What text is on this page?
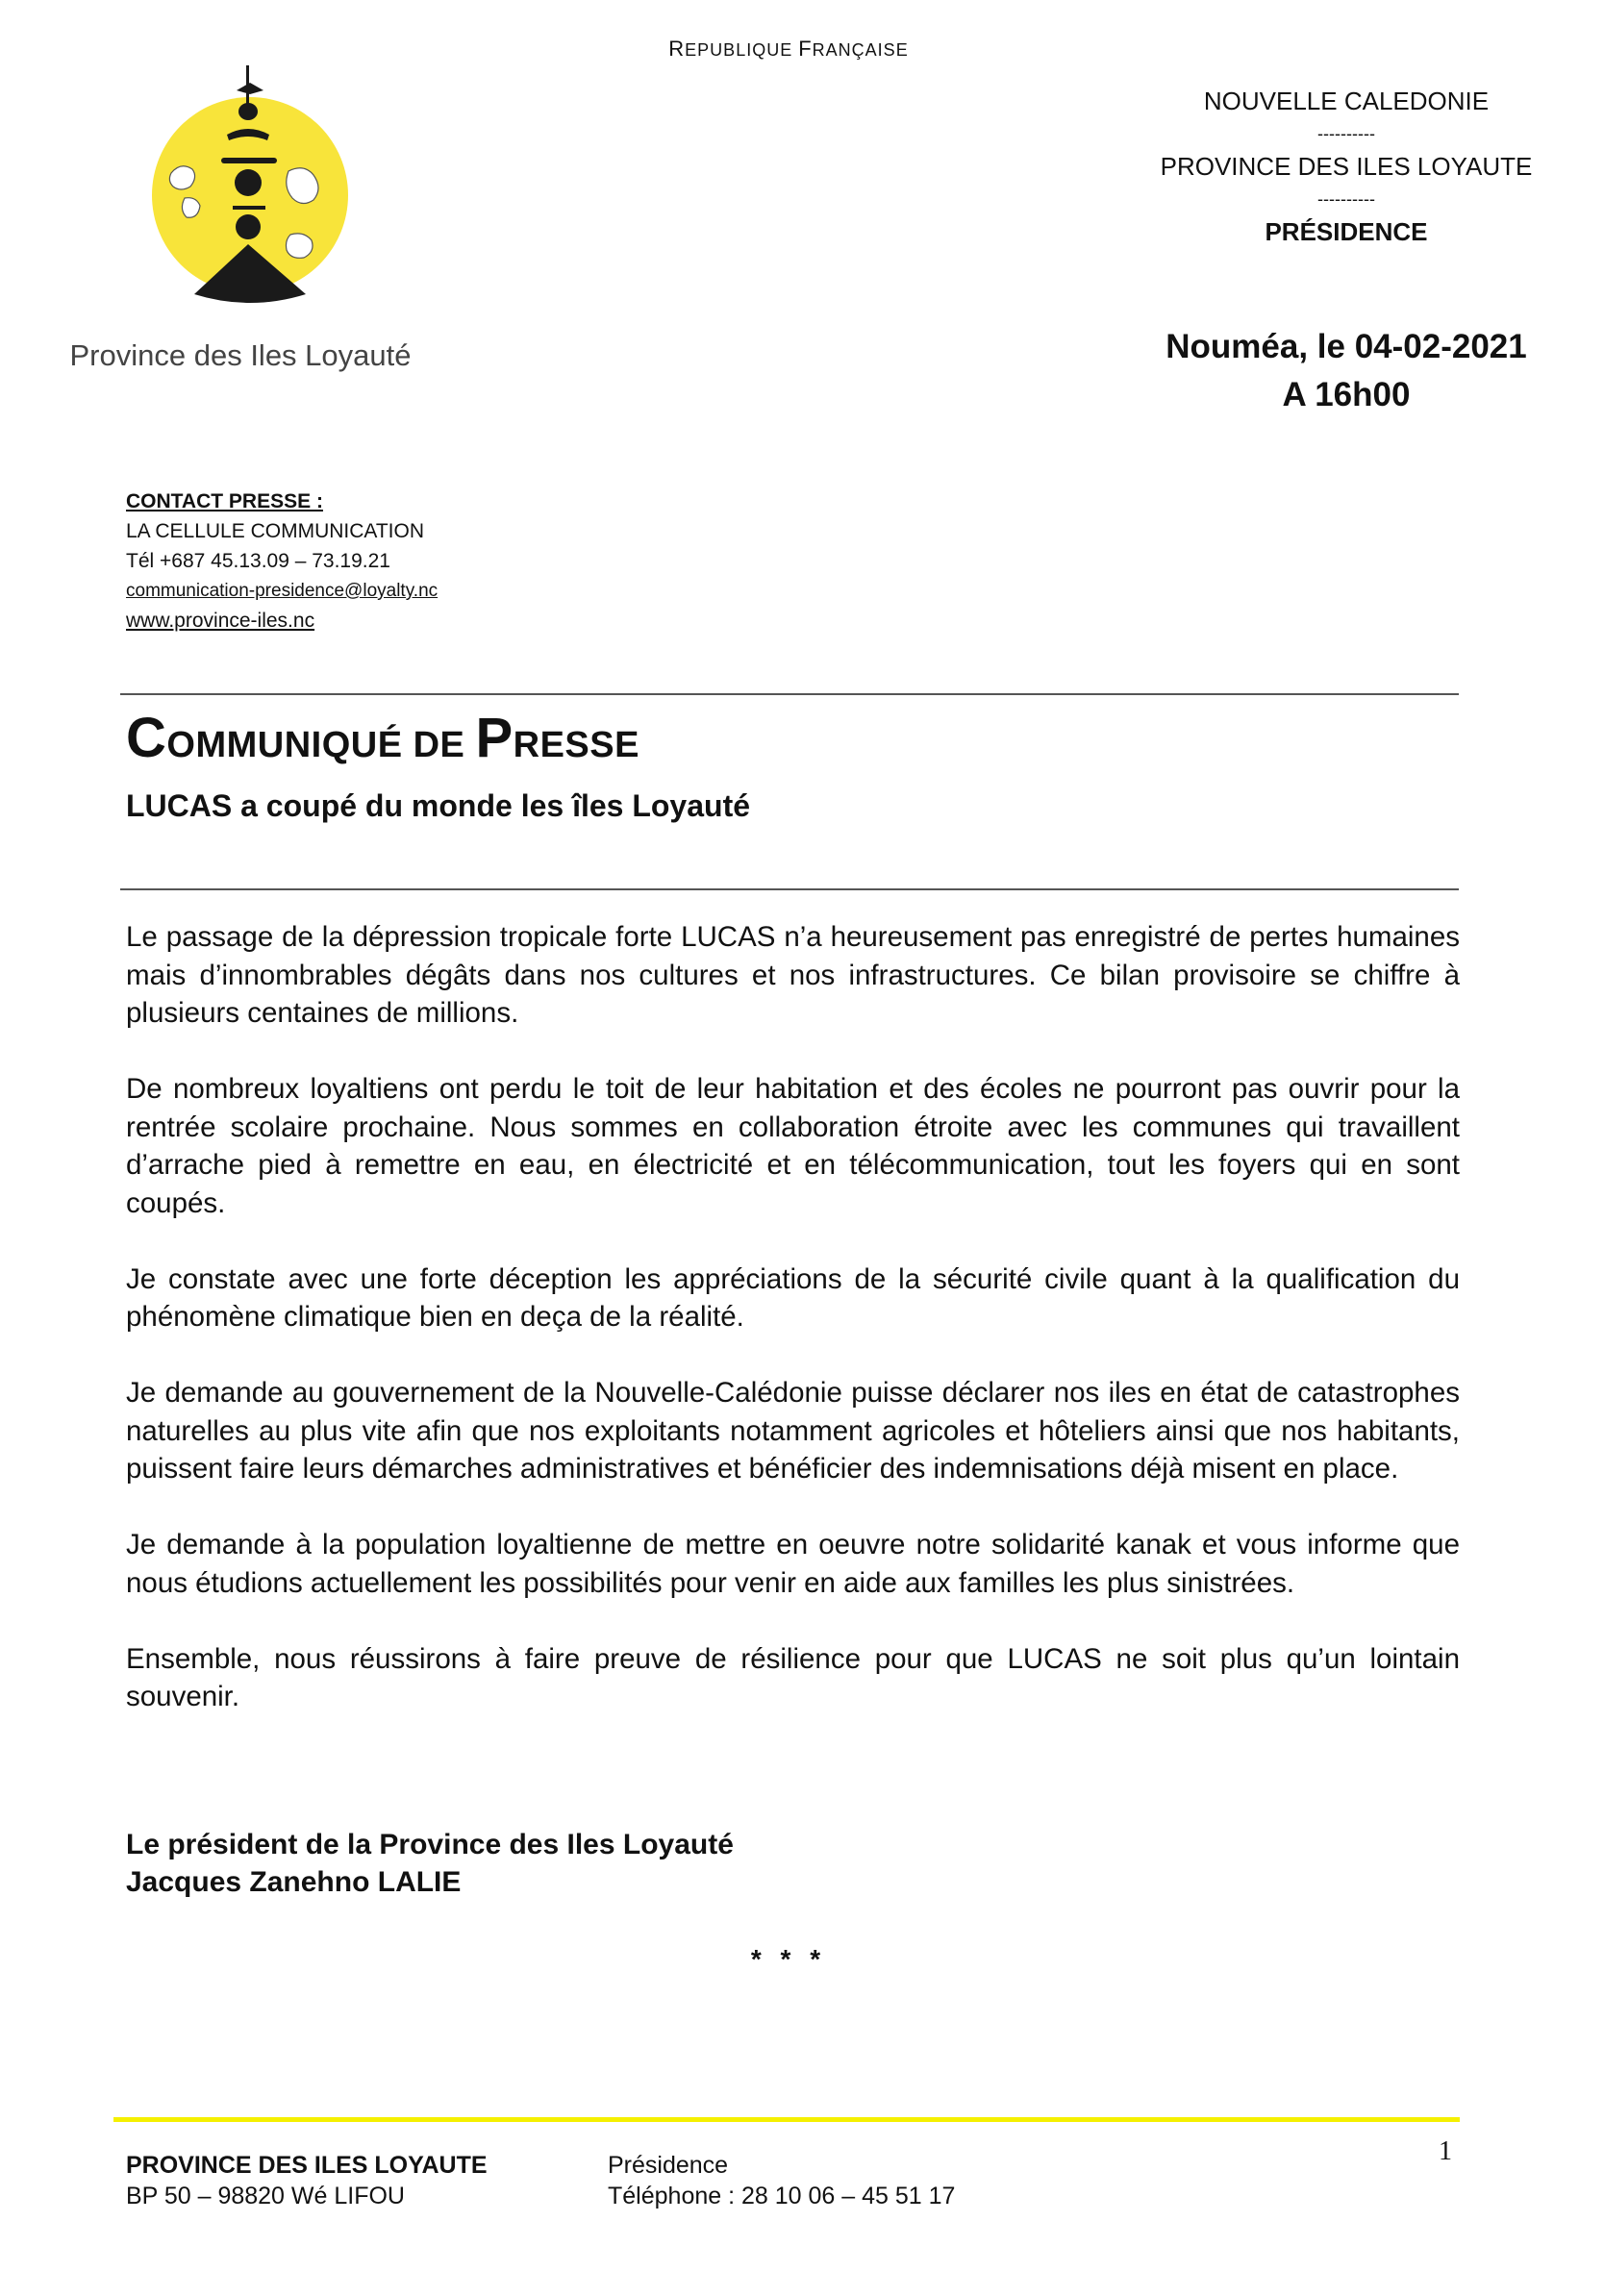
REPUBLIQUE FRANÇAISE
NOUVELLE CALEDONIE
----------
PROVINCE DES ILES LOYAUTE
----------
PRÉSIDENCE
Nouméa, le 04-02-2021
A 16h00
Province des Iles Loyauté
CONTACT PRESSE :
LA CELLULE COMMUNICATION
Tél +687 45.13.09 – 73.19.21
communication-presidence@loyalty.nc
www.province-iles.nc
COMMUNIQUÉ DE PRESSE
LUCAS a coupé du monde les îles Loyauté

Le passage de la dépression tropicale forte LUCAS n’a heureusement pas enregistré de pertes humaines mais d’innombrables dégâts dans nos cultures et nos infrastructures. Ce bilan provisoire se chiffre à plusieurs centaines de millions.

De nombreux loyaltiens ont perdu le toit de leur habitation et des écoles ne pourront pas ouvrir pour la rentrée scolaire prochaine. Nous sommes en collaboration étroite avec les communes qui travaillent d’arrache pied à remettre en eau, en électricité et en télécommunication, tout les foyers qui en sont coupés.

Je constate avec une forte déception les appréciations de la sécurité civile quant à la qualification du phénomène climatique bien en deça de la réalité.

Je demande au gouvernement de la Nouvelle-Calédonie puisse déclarer nos iles en état de catastrophes naturelles au plus vite afin que nos exploitants notamment agricoles et hôteliers ainsi que nos habitants, puissent faire leurs démarches administratives et bénéficier des indemnisations déjà misent en place.

Je demande à la population loyaltienne de mettre en oeuvre notre solidarité kanak et vous informe que nous étudions actuellement les possibilités pour venir en aide aux familles les plus sinistrées.

Ensemble, nous réussirons à faire preuve de résilience pour que LUCAS ne soit plus qu’un lointain souvenir.

Le président de la Province des Iles Loyauté
Jacques Zanehno LALIE
* * *
PROVINCE DES ILES LOYAUTE
BP 50 – 98820 Wé LIFOU
Présidence
Téléphone : 28 10 06 – 45 51 17
1
